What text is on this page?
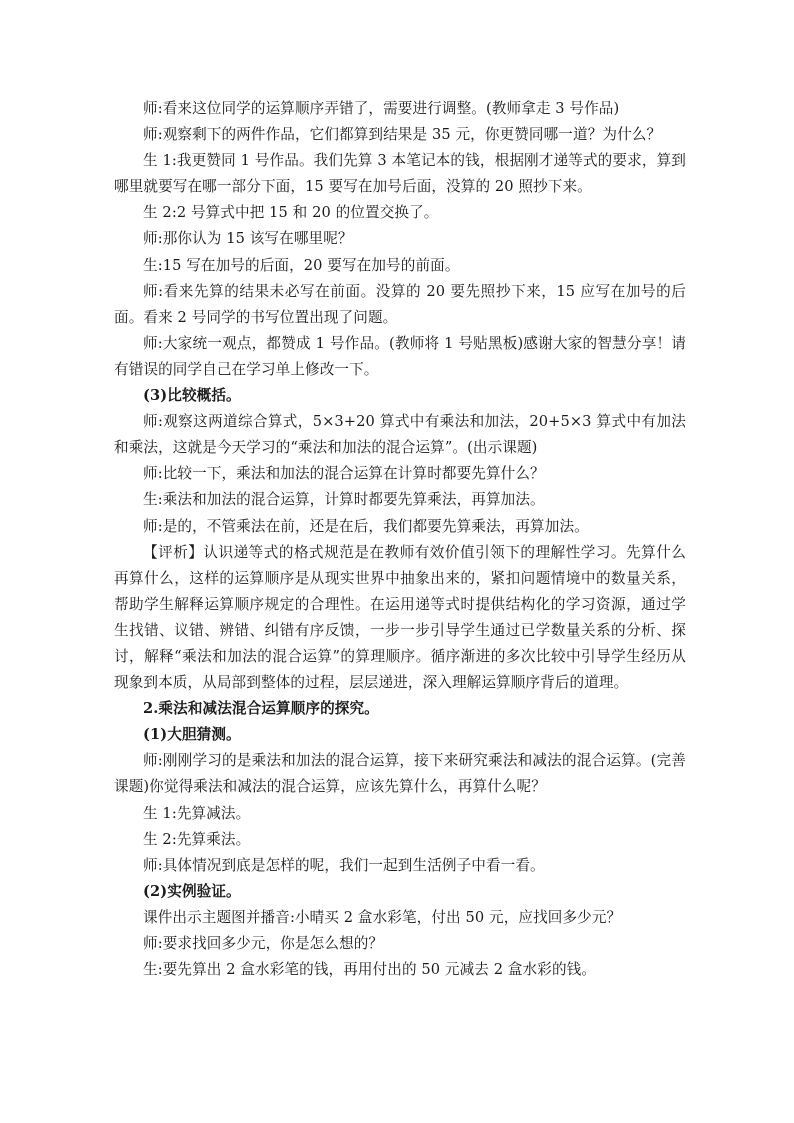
师:看来这位同学的运算顺序弄错了，需要进行调整。(教师拿走 3 号作品)

师:观察剩下的两件作品，它们都算到结果是 35 元，你更赞同哪一道？为什么？

生 1:我更赞同 1 号作品。我们先算 3 本笔记本的钱，根据刚才递等式的要求，算到哪里就要写在哪一部分下面，15 要写在加号后面，没算的 20 照抄下来。

生 2:2 号算式中把 15 和 20 的位置交换了。

师:那你认为 15 该写在哪里呢？

生:15 写在加号的后面，20 要写在加号的前面。

师:看来先算的结果未必写在前面。没算的 20 要先照抄下来，15 应写在加号的后面。看来 2 号同学的书写位置出现了问题。

师:大家统一观点，都赞成 1 号作品。(教师将 1 号贴黑板)感谢大家的智慧分享！请有错误的同学自己在学习单上修改一下。

(3)比较概括。

师:观察这两道综合算式，5×3+20 算式中有乘法和加法，20+5×3 算式中有加法和乘法，这就是今天学习的“乘法和加法的混合运算”。(出示课题)

师:比较一下，乘法和加法的混合运算在计算时都要先算什么？

生:乘法和加法的混合运算，计算时都要先算乘法，再算加法。

师:是的，不管乘法在前，还是在后，我们都要先算乘法，再算加法。

【评析】认识递等式的格式规范是在教师有效价值引领下的理解性学习。先算什么再算什么，这样的运算顺序是从现实世界中抽象出来的，紧扣问题情境中的数量关系，帮助学生解释运算顺序规定的合理性。在运用递等式时提供结构化的学习资源，通过学生找错、议错、辨错、纠错有序反馈，一步一步引导学生通过已学数量关系的分析、探讨，解释“乘法和加法的混合运算”的算理顺序。循序渐进的多次比较中引导学生经历从现象到本质，从局部到整体的过程，层层递进，深入理解运算顺序背后的道理。

2.乘法和减法混合运算顺序的探究。

(1)大胆猜测。

师:刚刚学习的是乘法和加法的混合运算，接下来研究乘法和减法的混合运算。(完善课题)你觉得乘法和减法的混合运算，应该先算什么，再算什么呢？

生 1:先算减法。

生 2:先算乘法。

师:具体情况到底是怎样的呢，我们一起到生活例子中看一看。

(2)实例验证。

课件出示主题图并播音:小晴买 2 盒水彩笔，付出 50 元，应找回多少元？

师:要求找回多少元，你是怎么想的？

生:要先算出 2 盒水彩笔的钱，再用付出的 50 元减去 2 盒水彩的钱。
